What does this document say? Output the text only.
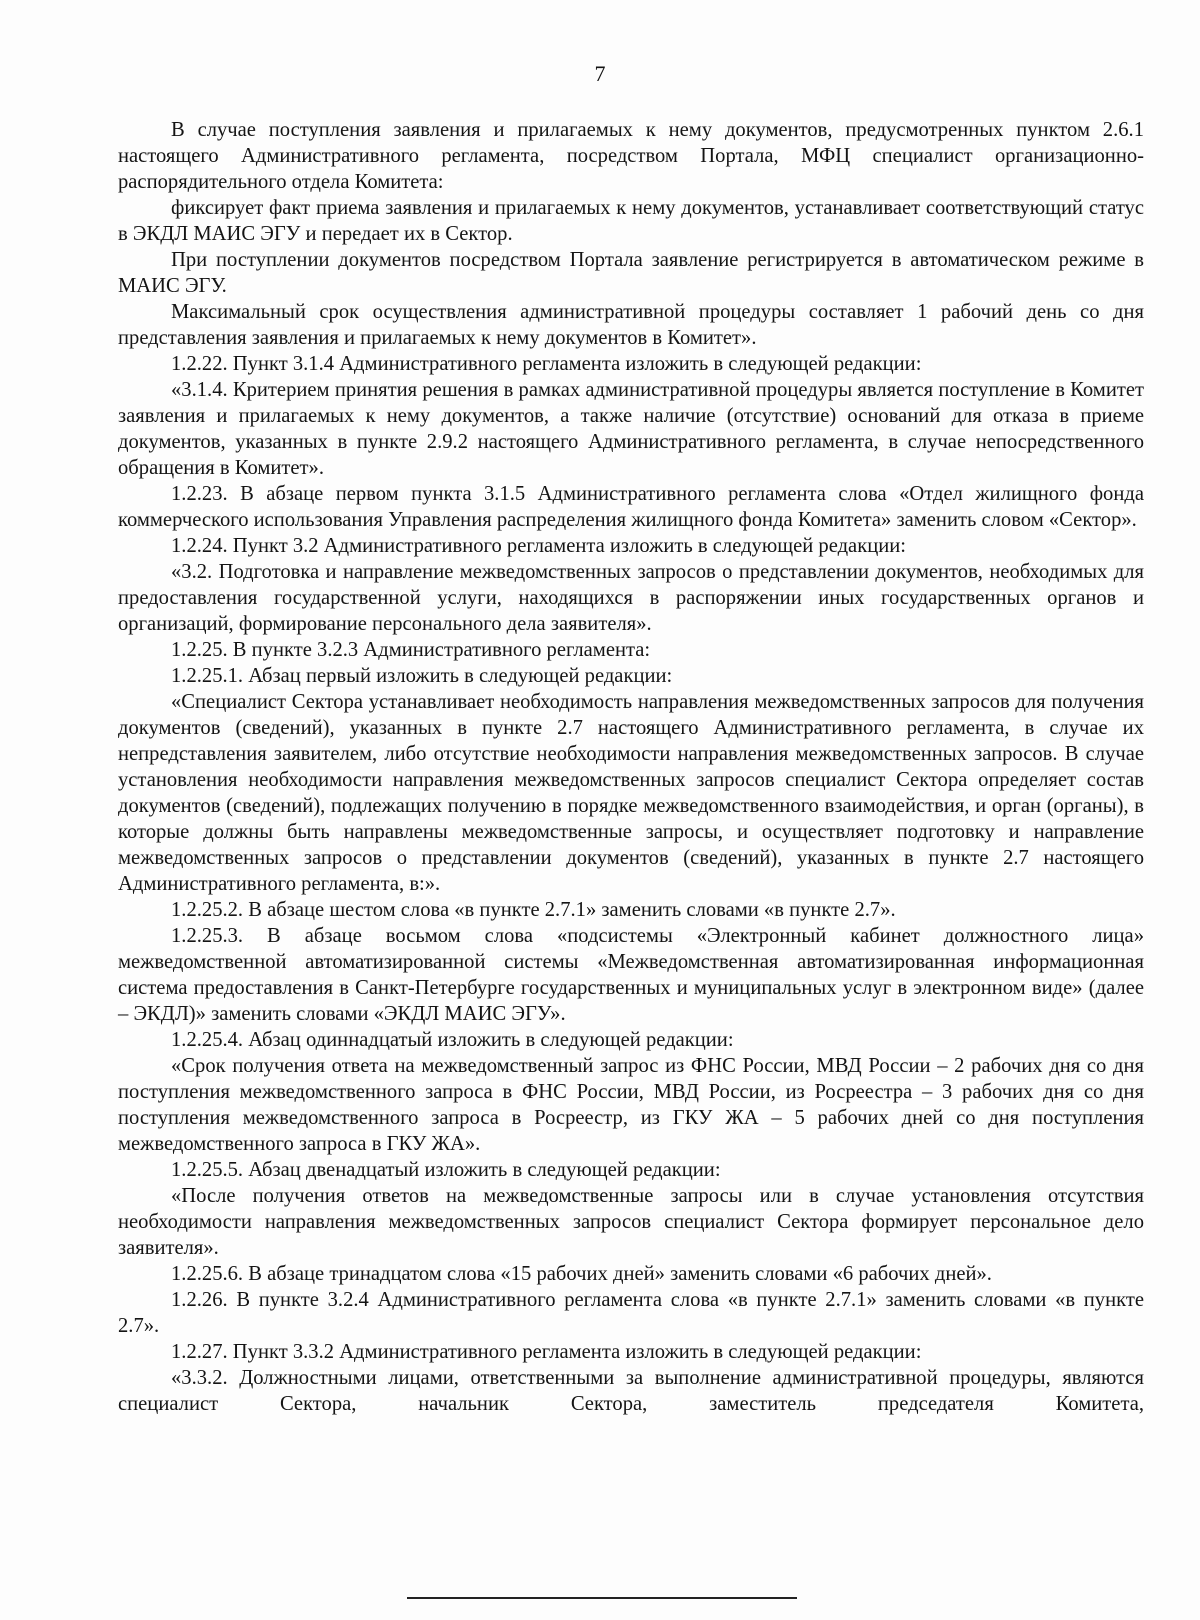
7

В случае поступления заявления и прилагаемых к нему документов, предусмотренных пунктом 2.6.1 настоящего Административного регламента, посредством Портала, МФЦ специалист организационно-распорядительного отдела Комитета:

фиксирует факт приема заявления и прилагаемых к нему документов, устанавливает соответствующий статус в ЭКДЛ МАИС ЭГУ и передает их в Сектор.

При поступлении документов посредством Портала заявление регистрируется в автоматическом режиме в МАИС ЭГУ.

Максимальный срок осуществления административной процедуры составляет 1 рабочий день со дня представления заявления и прилагаемых к нему документов в Комитет».

1.2.22. Пункт 3.1.4 Административного регламента изложить в следующей редакции:

«3.1.4. Критерием принятия решения в рамках административной процедуры является поступление в Комитет заявления и прилагаемых к нему документов, а также наличие (отсутствие) оснований для отказа в приеме документов, указанных в пункте 2.9.2 настоящего Административного регламента, в случае непосредственного обращения в Комитет».

1.2.23. В абзаце первом пункта 3.1.5 Административного регламента слова «Отдел жилищного фонда коммерческого использования Управления распределения жилищного фонда Комитета» заменить словом «Сектор».

1.2.24. Пункт 3.2 Административного регламента изложить в следующей редакции:

«3.2. Подготовка и направление межведомственных запросов о представлении документов, необходимых для предоставления государственной услуги, находящихся в распоряжении иных государственных органов и организаций, формирование персонального дела заявителя».

1.2.25. В пункте 3.2.3 Административного регламента:

1.2.25.1. Абзац первый изложить в следующей редакции:

«Специалист Сектора устанавливает необходимость направления межведомственных запросов для получения документов (сведений), указанных в пункте 2.7 настоящего Административного регламента, в случае их непредставления заявителем, либо отсутствие необходимости направления межведомственных запросов. В случае установления необходимости направления межведомственных запросов специалист Сектора определяет состав документов (сведений), подлежащих получению в порядке межведомственного взаимодействия, и орган (органы), в которые должны быть направлены межведомственные запросы, и осуществляет подготовку и направление межведомственных запросов о представлении документов (сведений), указанных в пункте 2.7 настоящего Административного регламента, в:».

1.2.25.2. В абзаце шестом слова «в пункте 2.7.1» заменить словами «в пункте 2.7».

1.2.25.3. В абзаце восьмом слова «подсистемы «Электронный кабинет должностного лица» межведомственной автоматизированной системы «Межведомственная автоматизированная информационная система предоставления в Санкт-Петербурге государственных и муниципальных услуг в электронном виде» (далее – ЭКДЛ)» заменить словами «ЭКДЛ МАИС ЭГУ».

1.2.25.4. Абзац одиннадцатый изложить в следующей редакции:

«Срок получения ответа на межведомственный запрос из ФНС России, МВД России – 2 рабочих дня со дня поступления межведомственного запроса в ФНС России, МВД России, из Росреестра – 3 рабочих дня со дня поступления межведомственного запроса в Росреестр, из ГКУ ЖА – 5 рабочих дней со дня поступления межведомственного запроса в ГКУ ЖА».

1.2.25.5. Абзац двенадцатый изложить в следующей редакции:

«После получения ответов на межведомственные запросы или в случае установления отсутствия необходимости направления межведомственных запросов специалист Сектора формирует персональное дело заявителя».

1.2.25.6. В абзаце тринадцатом слова «15 рабочих дней» заменить словами «6 рабочих дней».

1.2.26. В пункте 3.2.4 Административного регламента слова «в пункте 2.7.1» заменить словами «в пункте 2.7».

1.2.27. Пункт 3.3.2 Административного регламента изложить в следующей редакции:

«3.3.2. Должностными лицами, ответственными за выполнение административной процедуры, являются специалист Сектора, начальник Сектора, заместитель председателя Комитета,
